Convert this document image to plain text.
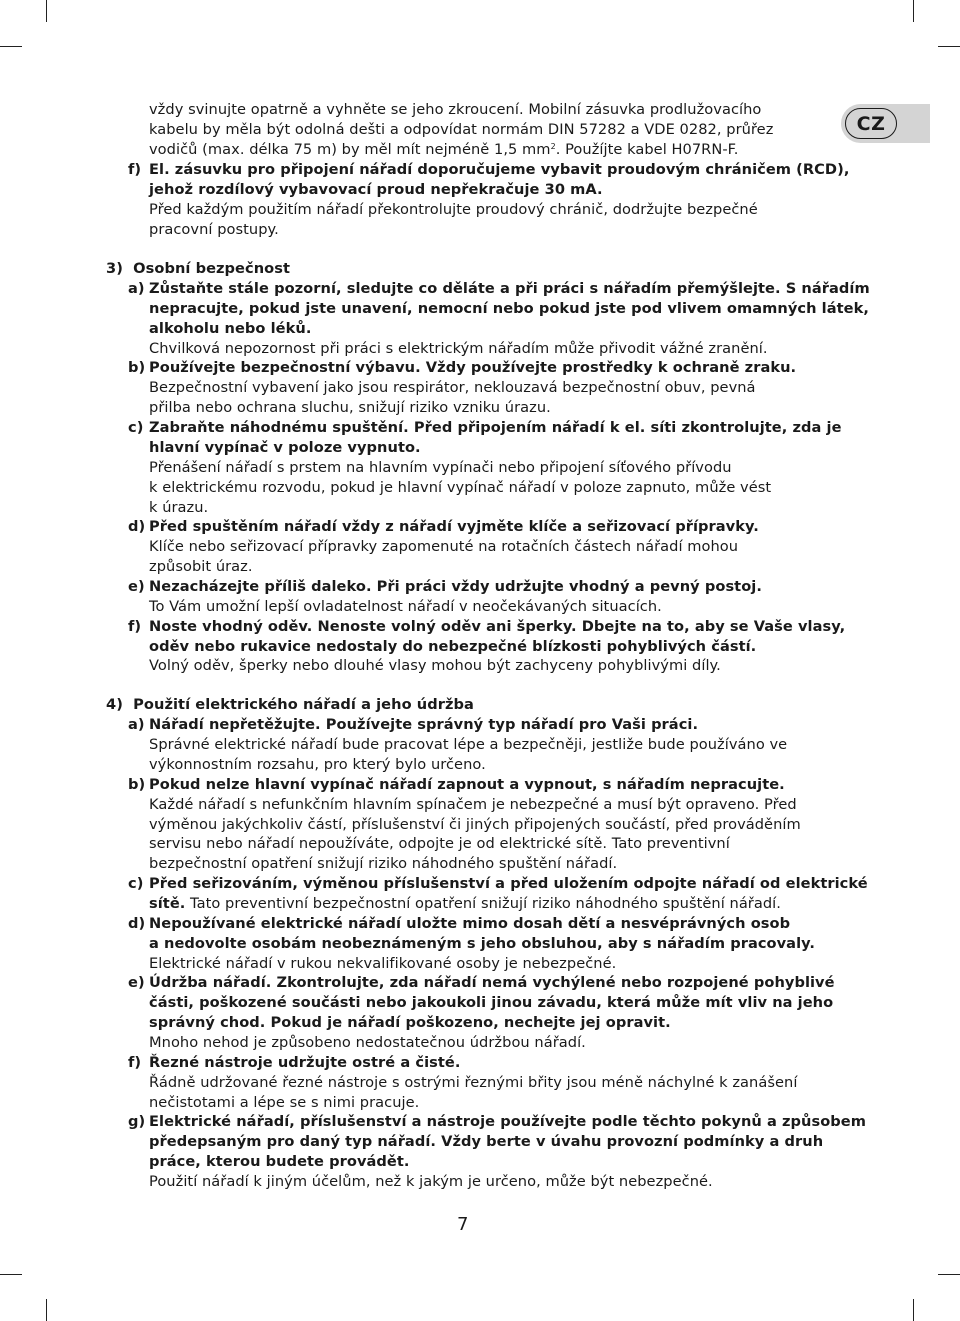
CZ
vždy svinujte opatrně a vyhněte se jeho zkroucení. Mobilní zásuvka prodlužovacího
kabelu by měla být odolná dešti a odpovídat normám DIN 57282 a VDE 0282, průřez
vodičů (max. délka 75 m) by měl mít nejméně 1,5 $mm^2$. Použíjte kabel H07RN-F.
f) El. zásuvku pro připojení nářadí doporučujeme vybavit proudovým chráničem (RCD),
jehož rozdílový vybavovací proud nepřekračuje 30 mA.
Před každým použitím nářadí překontrolujte proudový chránič, dodržujte bezpečné
pracovní postupy.
3)  Osobní bezpečnost
a) Zůstaňte stále pozorní, sledujte co děláte a při práci s nářadím přemýšlejte. S nářadím
nepracujte, pokud jste unavení, nemocní nebo pokud jste pod vlivem omamných látek,
alkoholu nebo léků.
Chvilková nepozornost při práci s elektrickým nářadím může přivodit vážné zranění.
b) Používejte bezpečnostní výbavu. Vždy používejte prostředky k ochraně zraku.
Bezpečnostní vybavení jako jsou respirátor, neklouzavá bezpečnostní obuv, pevná
přilba nebo ochrana sluchu, snižují riziko vzniku úrazu.
c) Zabraňte náhodnému spuštění. Před připojením nářadí k el. síti zkontrolujte, zda je
hlavní vypínač v poloze vypnuto.
Přenášení nářadí s prstem na hlavním vypínači nebo připojení síťového přívodu
k elektrickému rozvodu, pokud je hlavní vypínač nářadí v poloze zapnuto, může vést
k úrazu.
d) Před spuštěním nářadí vždy z nářadí vyjměte klíče a seřizovací přípravky.
Klíče nebo seřizovací přípravky zapomenuté na rotačních částech nářadí mohou
způsobit úraz.
e) Nezacházejte příliš daleko. Při práci vždy udržujte vhodný a pevný postoj.
To Vám umožní lepší ovladatelnost nářadí v neočekávaných situacích.
f) Noste vhodný oděv. Nenoste volný oděv ani šperky. Dbejte na to, aby se Vaše vlasy,
oděv nebo rukavice nedostaly do nebezpečné blízkosti pohyblivých částí.
Volný oděv, šperky nebo dlouhé vlasy mohou být zachyceny pohyblivými díly.
4)  Použití elektrického nářadí a jeho údržba
a) Nářadí nepřetěžujte. Používejte správný typ nářadí pro Vaši práci.
Správné elektrické nářadí bude pracovat lépe a bezpečněji, jestliže bude používáno ve
výkonnostním rozsahu, pro který bylo určeno.
b) Pokud nelze hlavní vypínač nářadí zapnout a vypnout, s nářadím nepracujte.
Každé nářadí s nefunkčním hlavním spínačem je nebezpečné a musí být opraveno. Před
výměnou jakýchkoliv částí, příslušenství či jiných připojených součástí, před prováděním
servisu nebo nářadí nepoužíváte, odpojte je od elektrické sítě. Tato preventivní
bezpečnostní opatření snižují riziko náhodného spuštění nářadí.
c) Před seřizováním, výměnou příslušenství a před uložením odpojte nářadí od elektrické
sítě. Tato preventivní bezpečnostní opatření snižují riziko náhodného spuštění nářadí.
d) Nepoužívané elektrické nářadí uložte mimo dosah dětí a nesvéprávných osob
a nedovolte osobám neobeznámeným s jeho obsluhou, aby s nářadím pracovaly.
Elektrické nářadí v rukou nekvalifikované osoby je nebezpečné.
e) Údržba nářadí. Zkontrolujte, zda nářadí nemá vychýlené nebo rozpojené pohyblivé
části, poškozené součásti nebo jakoukoli jinou závadu, která může mít vliv na jeho
správný chod. Pokud je nářadí poškozeno, nechejte jej opravit.
Mnoho nehod je způsobeno nedostatečnou údržbou nářadí.
f) Řezné nástroje udržujte ostré a čisté.
Řádně udržované řezné nástroje s ostrými řeznými břity jsou méně náchylné k zanášení
nečistotami a lépe se s nimi pracuje.
g) Elektrické nářadí, příslušenství a nástroje používejte podle těchto pokynů a způsobem
předepsaným pro daný typ nářadí. Vždy berte v úvahu provozní podmínky a druh
práce, kterou budete provádět.
Použití nářadí k jiným účelům, než k jakým je určeno, může být nebezpečné.
7
